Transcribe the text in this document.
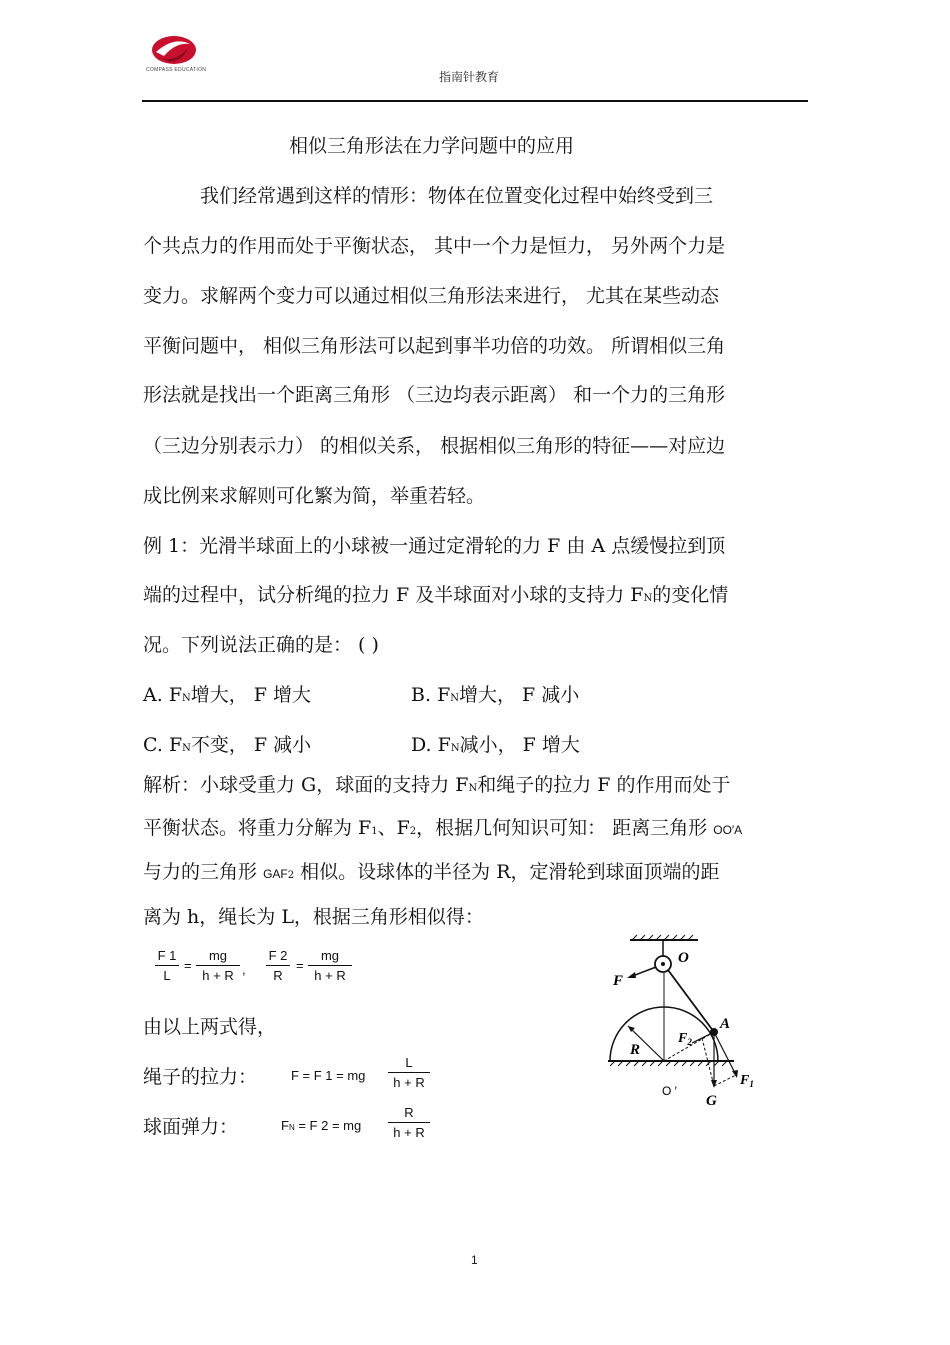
COMPASS EDUCATION	指南针教育
相似三角形法在力学问题中的应用
我们经常遇到这样的情形：物体在位置变化过程中始终受到三
个共点力的作用而处于平衡状态， 其中一个力是恒力， 另外两个力是
变力。求解两个变力可以通过相似三角形法来进行， 尤其在某些动态
平衡问题中， 相似三角形法可以起到事半功倍的功效。 所谓相似三角
形法就是找出一个距离三角形 （三边均表示距离） 和一个力的三角形
（三边分别表示力） 的相似关系， 根据相似三角形的特征——对应边
成比例来求解则可化繁为简，举重若轻。
例 1：光滑半球面上的小球被一通过定滑轮的力 F 由 A 点缓慢拉到顶
端的过程中，试分析绳的拉力 F 及半球面对小球的支持力 FN的变化情
况。下列说法正确的是： ( )
A. FN增大， F 增大	B. FN增大， F 减小
C. FN不变， F 减小	D. FN减小， F 增大
解析：小球受重力 G，球面的支持力 FN和绳子的拉力 F 的作用而处于
平衡状态。将重力分解为 F1、F2，根据几何知识可知： 距离三角形 OO′A
与力的三角形 GAF2 相似。设球体的半径为 R，定滑轮到球面顶端的距
离为 h，绳长为 L，根据三角形相似得：
$\frac{F 1}{L} = \frac{mg}{h + R}$ , $\frac{F 2}{R} = \frac{mg}{h + R}$
由以上两式得，
绳子的拉力：	F = F 1 = mg $\frac{L}{h + R}$
球面弹力：	FN = F 2 = mg $\frac{R}{h + R}$
O
F
A
R
$F_2$
$F_1$
O ′
G
1
